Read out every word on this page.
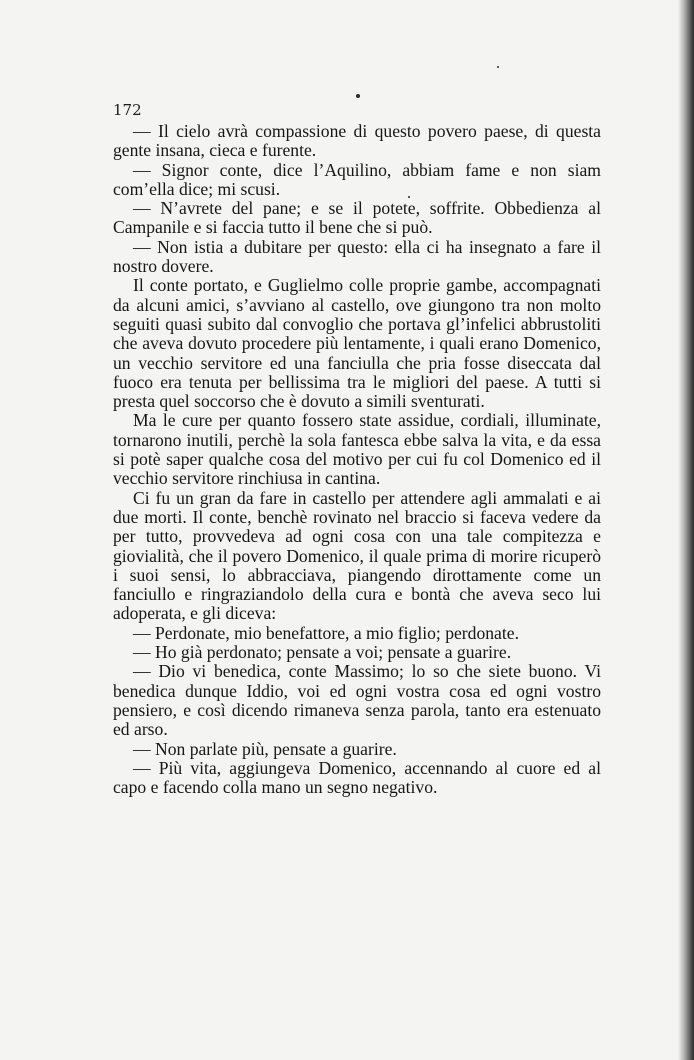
172

— Il cielo avrà compassione di questo povero paese, di questa gente insana, cieca e furente.

— Signor conte, dice l’Aquilino, abbiam fame e non siam com’ella dice; mi scusi.

— N’avrete del pane; e se il potete, soffrite. Obbedienza al Campanile e si faccia tutto il bene che si può.

— Non istia a dubitare per questo: ella ci ha insegnato a fare il nostro dovere.

Il conte portato, e Guglielmo colle proprie gambe, accompagnati da alcuni amici, s’avviano al castello, ove giungono tra non molto seguiti quasi subito dal convoglio che portava gl’infelici abbrustoliti che aveva dovuto procedere più lentamente, i quali erano Domenico, un vecchio servitore ed una fanciulla che pria fosse diseccata dal fuoco era tenuta per bellissima tra le migliori del paese. A tutti si presta quel soccorso che è dovuto a simili sventurati.

Ma le cure per quanto fossero state assidue, cordiali, illuminate, tornarono inutili, perchè la sola fantesca ebbe salva la vita, e da essa si potè saper qualche cosa del motivo per cui fu col Domenico ed il vecchio servitore rinchiusa in cantina.

Ci fu un gran da fare in castello per attendere agli ammalati e ai due morti. Il conte, benchè rovinato nel braccio si faceva vedere da per tutto, provvedeva ad ogni cosa con una tale compitezza e giovialità, che il povero Domenico, il quale prima di morire ricuperò i suoi sensi, lo abbracciava, piangendo dirottamente come un fanciullo e ringraziandolo della cura e bontà che aveva seco lui adoperata, e gli diceva:

— Perdonate, mio benefattore, a mio figlio; perdonate.

— Ho già perdonato; pensate a voi; pensate a guarire.

— Dio vi benedica, conte Massimo; lo so che siete buono. Vi benedica dunque Iddio, voi ed ogni vostra cosa ed ogni vostro pensiero, e così dicendo rimaneva senza parola, tanto era estenuato ed arso.

— Non parlate più, pensate a guarire.

— Più vita, aggiungeva Domenico, accennando al cuore ed al capo e facendo colla mano un segno negativo.
